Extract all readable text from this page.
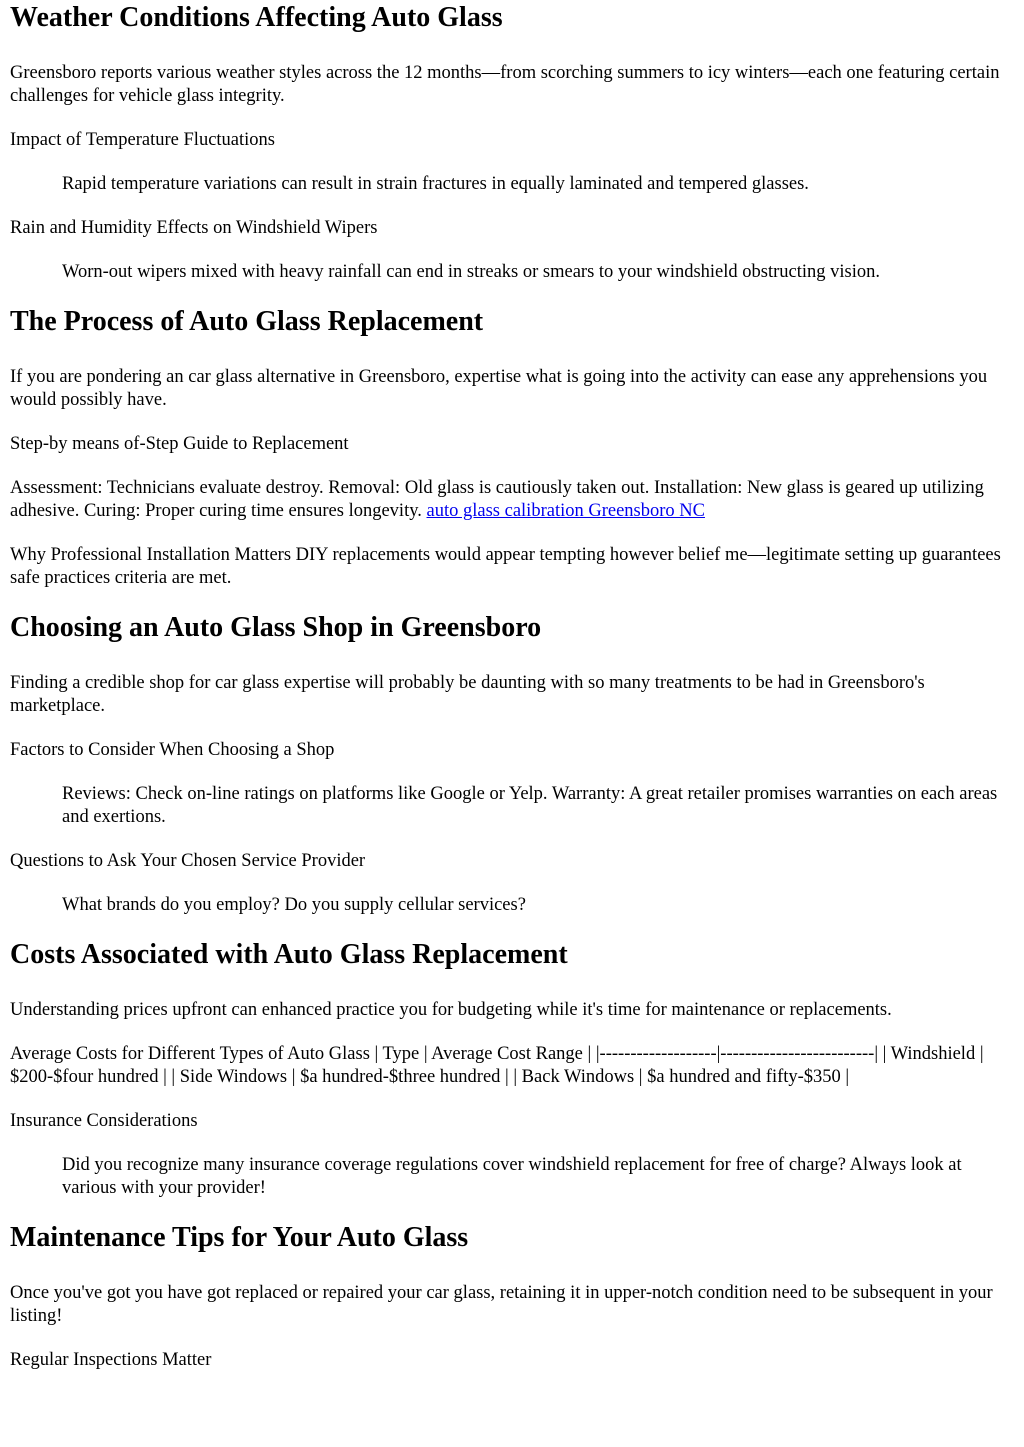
Weather Conditions Affecting Auto Glass

Greensboro reports various weather styles across the 12 months—from scorching summers to icy winters—each one featuring certain challenges for vehicle glass integrity.

Impact of Temperature Fluctuations

Rapid temperature variations can result in strain fractures in equally laminated and tempered glasses.

Rain and Humidity Effects on Windshield Wipers

Worn-out wipers mixed with heavy rainfall can end in streaks or smears to your windshield obstructing vision.
The Process of Auto Glass Replacement

If you are pondering an car glass alternative in Greensboro, expertise what is going into the activity can ease any apprehensions you would possibly have.

Step-by means of-Step Guide to Replacement

Assessment: Technicians evaluate destroy. Removal: Old glass is cautiously taken out. Installation: New glass is geared up utilizing adhesive. Curing: Proper curing time ensures longevity. auto glass calibration Greensboro NC

Why Professional Installation Matters DIY replacements would appear tempting however belief me—legitimate setting up guarantees safe practices criteria are met.

Choosing an Auto Glass Shop in Greensboro

Finding a credible shop for car glass expertise will probably be daunting with so many treatments to be had in Greensboro's marketplace.

Factors to Consider When Choosing a Shop

Reviews: Check on-line ratings on platforms like Google or Yelp. Warranty: A great retailer promises warranties on each areas and exertions.

Questions to Ask Your Chosen Service Provider

What brands do you employ? Do you supply cellular services?
Costs Associated with Auto Glass Replacement

Understanding prices upfront can enhanced practice you for budgeting while it's time for maintenance or replacements.

Average Costs for Different Types of Auto Glass | Type | Average Cost Range | |-------------------|-------------------------| | Windshield | $200-$four hundred | | Side Windows | $a hundred-$three hundred | | Back Windows | $a hundred and fifty-$350 |

Insurance Considerations

Did you recognize many insurance coverage regulations cover windshield replacement for free of charge? Always look at various with your provider!
Maintenance Tips for Your Auto Glass

Once you've got you have got replaced or repaired your car glass, retaining it in upper-notch condition need to be subsequent in your listing!

Regular Inspections Matter
